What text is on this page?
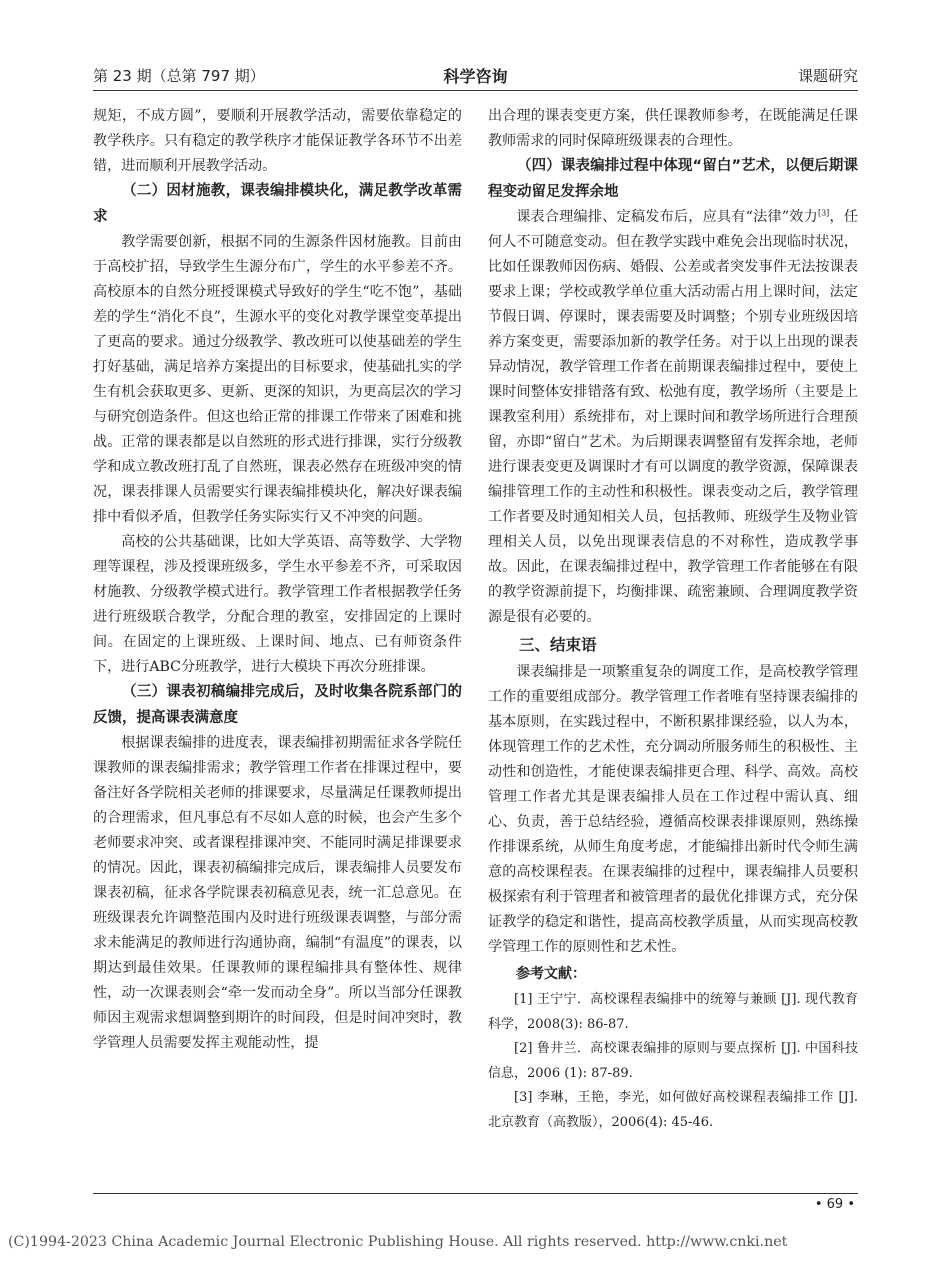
第 23 期（总第 797 期）	科学咨询	课题研究

规矩，不成方圆”，要顺利开展教学活动，需要依靠稳定的教学秩序。只有稳定的教学秩序才能保证教学各环节不出差错，进而顺利开展教学活动。

（二）因材施教，课表编排模块化，满足教学改革需求

教学需要创新，根据不同的生源条件因材施教。目前由于高校扩招，导致学生生源分布广，学生的水平参差不齐。高校原本的自然分班授课模式导致好的学生“吃不饱”，基础差的学生“消化不良”，生源水平的变化对教学课堂变革提出了更高的要求。通过分级教学、教改班可以使基础差的学生打好基础，满足培养方案提出的目标要求，使基础扎实的学生有机会获取更多、更新、更深的知识，为更高层次的学习与研究创造条件。但这也给正常的排课工作带来了困难和挑战。正常的课表都是以自然班的形式进行排课，实行分级教学和成立教改班打乱了自然班，课表必然存在班级冲突的情况，课表排课人员需要实行课表编排模块化，解决好课表编排中看似矛盾，但教学任务实际实行又不冲突的问题。

高校的公共基础课，比如大学英语、高等数学、大学物理等课程，涉及授课班级多，学生水平参差不齐，可采取因材施教、分级教学模式进行。教学管理工作者根据教学任务进行班级联合教学，分配合理的教室，安排固定的上课时间。在固定的上课班级、上课时间、地点、已有师资条件下，进行ABC分班教学，进行大模块下再次分班排课。

（三）课表初稿编排完成后，及时收集各院系部门的反馈，提高课表满意度

根据课表编排的进度表，课表编排初期需征求各学院任课教师的课表编排需求；教学管理工作者在排课过程中，要备注好各学院相关老师的排课要求，尽量满足任课教师提出的合理需求，但凡事总有不尽如人意的时候，也会产生多个老师要求冲突、或者课程排课冲突、不能同时满足排课要求的情况。因此，课表初稿编排完成后，课表编排人员要发布课表初稿，征求各学院课表初稿意见表，统一汇总意见。在班级课表允许调整范围内及时进行班级课表调整，与部分需求未能满足的教师进行沟通协商，编制“有温度”的课表，以期达到最佳效果。任课教师的课程编排具有整体性、规律性，动一次课表则会“牵一发而动全身”。所以当部分任课教师因主观需求想调整到期许的时间段，但是时间冲突时，教学管理人员需要发挥主观能动性，提

出合理的课表变更方案，供任课教师参考，在既能满足任课教师需求的同时保障班级课表的合理性。

（四）课表编排过程中体现“留白”艺术，以便后期课程变动留足发挥余地

课表合理编排、定稿发布后，应具有“法律”效力[3]，任何人不可随意变动。但在教学实践中难免会出现临时状况，比如任课教师因伤病、婚假、公差或者突发事件无法按课表要求上课；学校或教学单位重大活动需占用上课时间，法定节假日调、停课时，课表需要及时调整；个别专业班级因培养方案变更，需要添加新的教学任务。对于以上出现的课表异动情况，教学管理工作者在前期课表编排过程中，要使上课时间整体安排错落有致、松弛有度，教学场所（主要是上课教室利用）系统排布，对上课时间和教学场所进行合理预留，亦即“留白”艺术。为后期课表调整留有发挥余地，老师进行课表变更及调课时才有可以调度的教学资源，保障课表编排管理工作的主动性和积极性。课表变动之后，教学管理工作者要及时通知相关人员，包括教师、班级学生及物业管理相关人员，以免出现课表信息的不对称性，造成教学事故。因此，在课表编排过程中，教学管理工作者能够在有限的教学资源前提下，均衡排课、疏密兼顾、合理调度教学资源是很有必要的。

三、结束语

课表编排是一项繁重复杂的调度工作，是高校教学管理工作的重要组成部分。教学管理工作者唯有坚持课表编排的基本原则，在实践过程中，不断积累排课经验，以人为本，体现管理工作的艺术性，充分调动所服务师生的积极性、主动性和创造性，才能使课表编排更合理、科学、高效。高校管理工作者尤其是课表编排人员在工作过程中需认真、细心、负责，善于总结经验，遵循高校课表排课原则，熟练操作排课系统，从师生角度考虑，才能编排出新时代令师生满意的高校课程表。在课表编排的过程中，课表编排人员要积极探索有利于管理者和被管理者的最优化排课方式，充分保证教学的稳定和谐性，提高高校教学质量，从而实现高校教学管理工作的原则性和艺术性。

参考文献：

[1] 王宁宁．高校课程表编排中的统筹与兼顾 [J]. 现代教育科学，2008(3): 86-87.

[2] 鲁井兰．高校课表编排的原则与要点探析 [J]. 中国科技信息，2006 (1): 87-89.

[3] 李琳，王艳，李光，如何做好高校课程表编排工作 [J]. 北京教育（高教版），2006(4): 45-46.

• 69 •
(C)1994-2023 China Academic Journal Electronic Publishing House. All rights reserved. http://www.cnki.net
